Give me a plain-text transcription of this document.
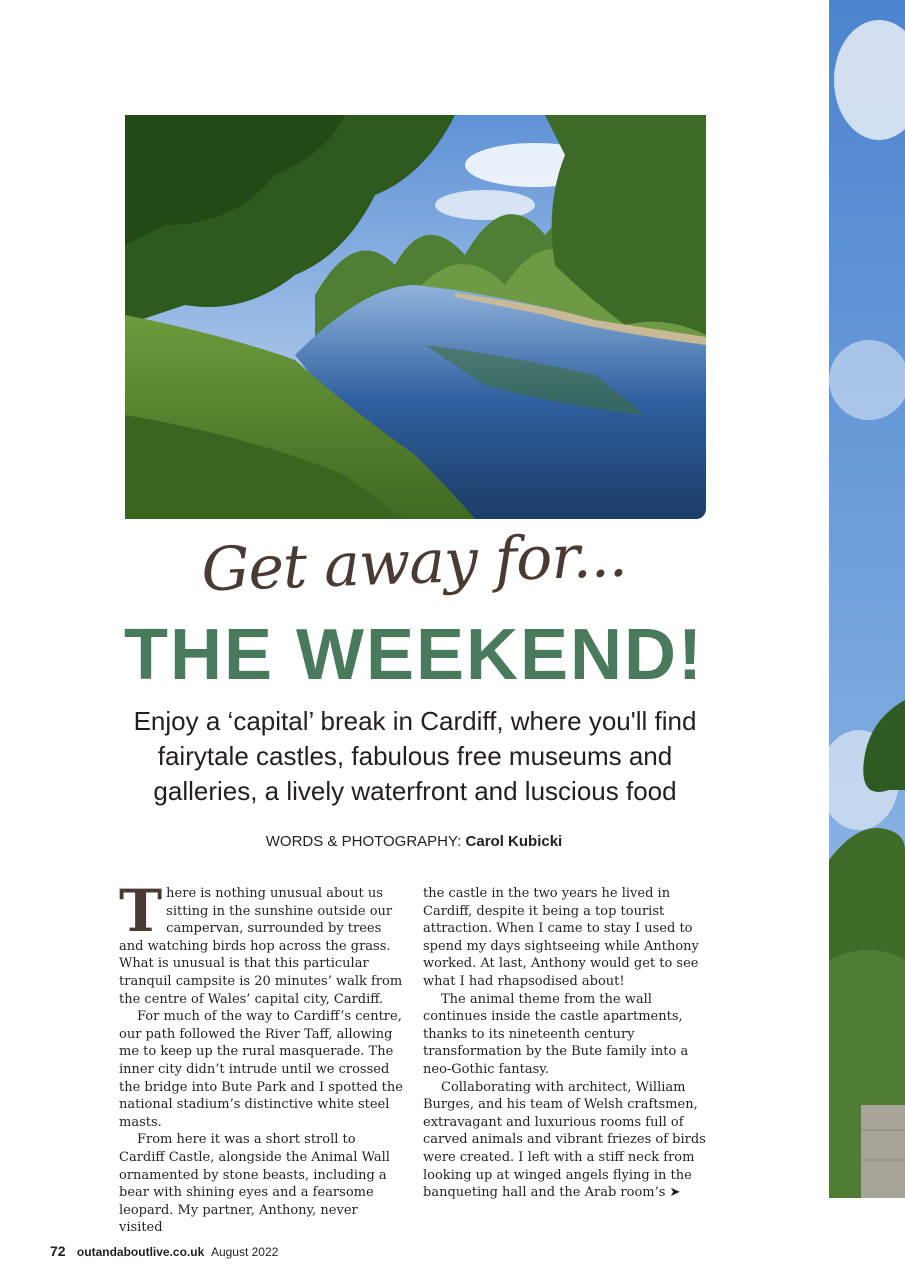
Get away for...
THE WEEKEND!
Enjoy a ‘capital’ break in Cardiff, where you'll find fairytale castles, fabulous free museums and galleries, a lively waterfront and luscious food
WORDS & PHOTOGRAPHY: Carol Kubicki

There is nothing unusual about us sitting in the sunshine outside our campervan, surrounded by trees and watching birds hop across the grass. What is unusual is that this particular tranquil campsite is 20 minutes’ walk from the centre of Wales’ capital city, Cardiff.

For much of the way to Cardiff’s centre, our path followed the River Taff, allowing me to keep up the rural masquerade. The inner city didn’t intrude until we crossed the bridge into Bute Park and I spotted the national stadium’s distinctive white steel masts.

From here it was a short stroll to Cardiff Castle, alongside the Animal Wall ornamented by stone beasts, including a bear with shining eyes and a fearsome leopard. My partner, Anthony, never visited

the castle in the two years he lived in Cardiff, despite it being a top tourist attraction. When I came to stay I used to spend my days sightseeing while Anthony worked. At last, Anthony would get to see what I had rhapsodised about!

The animal theme from the wall continues inside the castle apartments, thanks to its nineteenth century transformation by the Bute family into a neo-Gothic fantasy.

Collaborating with architect, William Burges, and his team of Welsh craftsmen, extravagant and luxurious rooms full of carved animals and vibrant friezes of birds were created. I left with a stiff neck from looking up at winged angels flying in the banqueting hall and the Arab room’s ➤

72 outandaboutlive.co.uk August 2022
